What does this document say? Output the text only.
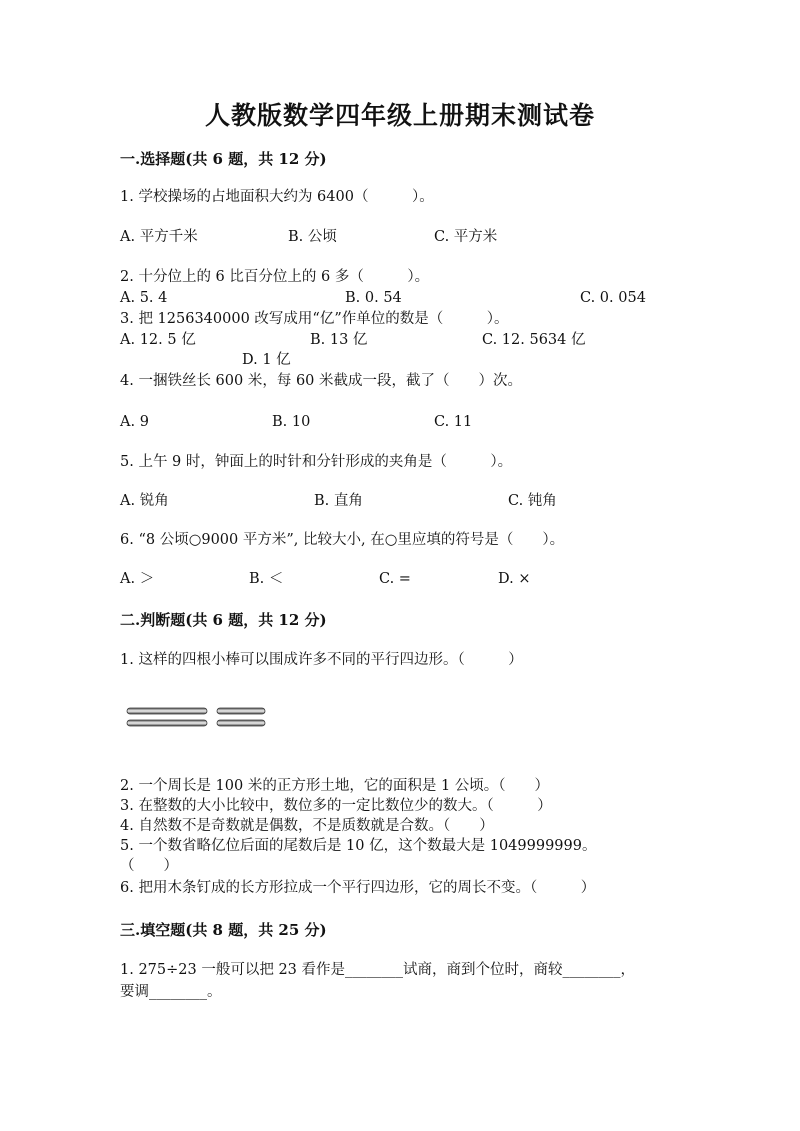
人教版数学四年级上册期末测试卷
一.选择题(共 6 题，共 12 分)
1. 学校操场的占地面积大约为 6400（　　　）。
A. 平方千米	B. 公顷	C. 平方米
2. 十分位上的 6 比百分位上的 6 多（　　　）。
A. 5. 4	B. 0. 54	C. 0. 054
3. 把 1256340000 改写成用“亿”作单位的数是（　　　）。
A. 12. 5 亿	B. 13 亿	C. 12. 5634 亿
D. 1 亿
4. 一捆铁丝长 600 米，每 60 米截成一段，截了（　　）次。
A. 9	B. 10	C. 11
5. 上午 9 时，钟面上的时针和分针形成的夹角是（　　　）。
A. 锐角	B. 直角	C. 钝角
6. “8 公顷○9000 平方米”, 比较大小, 在○里应填的符号是（　　）。
A. ＞	B. ＜	C. =	D. ×
二.判断题(共 6 题，共 12 分)
1. 这样的四根小棒可以围成许多不同的平行四边形。（　　　）
2. 一个周长是 100 米的正方形土地，它的面积是 1 公顷。（　　）
3. 在整数的大小比较中，数位多的一定比数位少的数大。（　　　）
4. 自然数不是奇数就是偶数，不是质数就是合数。（　　）
5. 一个数省略亿位后面的尾数后是 10 亿，这个数最大是 1049999999。
（　　）
6. 把用木条钉成的长方形拉成一个平行四边形，它的周长不变。（　　　）
三.填空题(共 8 题，共 25 分)
1. 275÷23 一般可以把 23 看作是________试商，商到个位时，商较________，
要调________。
